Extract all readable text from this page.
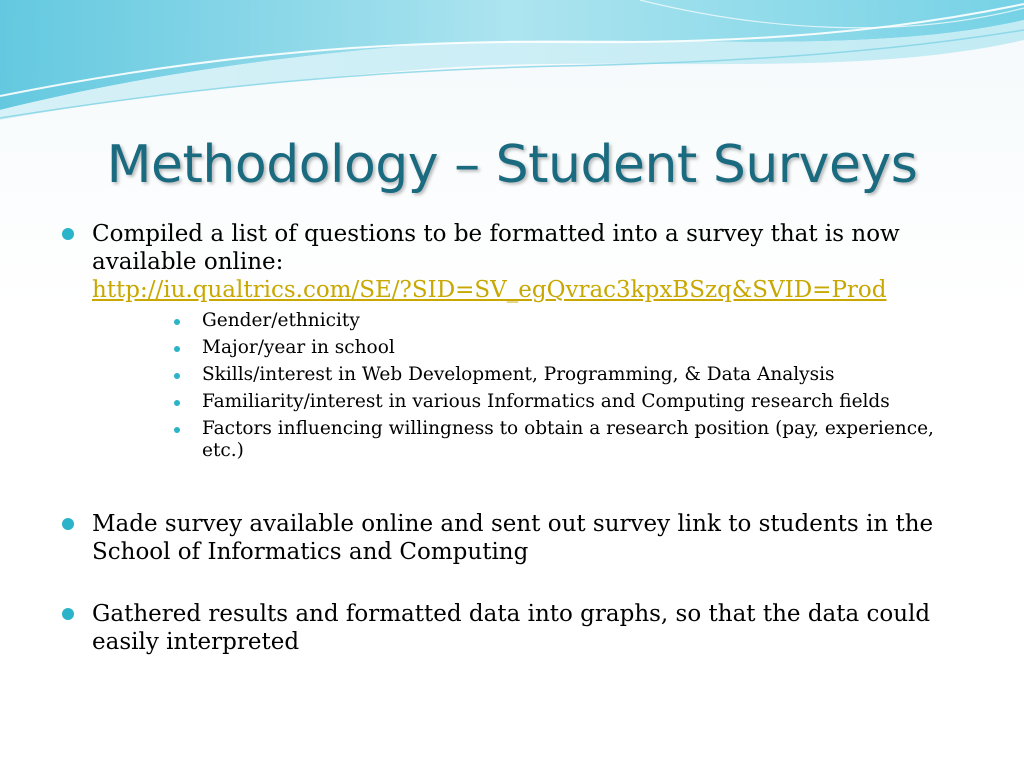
Methodology – Student Surveys
Compiled a list of questions to be formatted into a survey that is now available online:
http://iu.qualtrics.com/SE/?SID=SV_egQvrac3kpxBSzq&SVID=Prod
Gender/ethnicity
Major/year in school
Skills/interest in Web Development, Programming, & Data Analysis
Familiarity/interest in various Informatics and Computing research fields
Factors influencing willingness to obtain a research position (pay, experience, etc.)
Made survey available online and sent out survey link to students in the School of Informatics and Computing
Gathered results and formatted data into graphs, so that the data could easily interpreted
